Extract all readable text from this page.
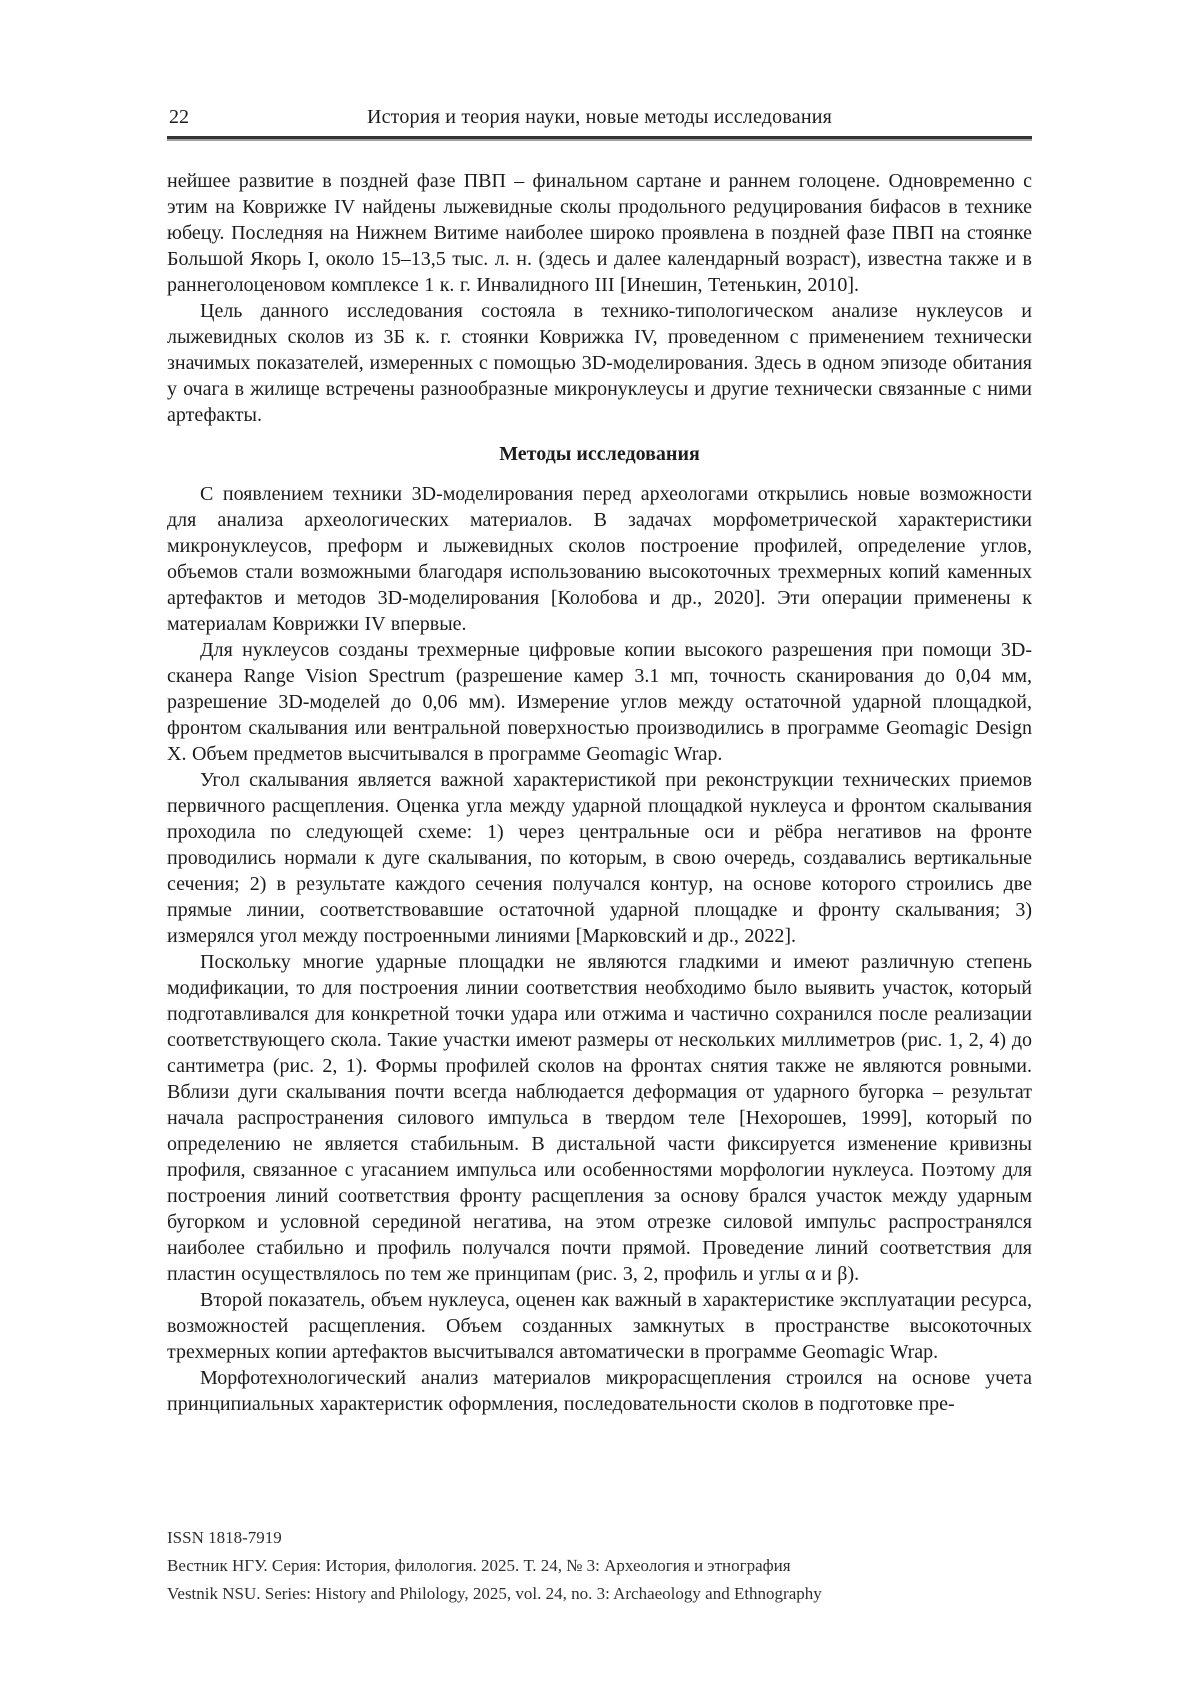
22	История и теория науки, новые методы исследования

нейшее развитие в поздней фазе ПВП – финальном сартане и раннем голоцене. Одновременно с этим на Коврижке IV найдены лыжевидные сколы продольного редуцирования бифасов в технике юбецу. Последняя на Нижнем Витиме наиболее широко проявлена в поздней фазе ПВП на стоянке Большой Якорь I, около 15–13,5 тыс. л. н. (здесь и далее календарный возраст), известна также и в раннеголоценовом комплексе 1 к. г. Инвалидного III [Инешин, Тетенькин, 2010].

Цель данного исследования состояла в технико-типологическом анализе нуклеусов и лыжевидных сколов из 3Б к. г. стоянки Коврижка IV, проведенном с применением технически значимых показателей, измеренных с помощью 3D-моделирования. Здесь в одном эпизоде обитания у очага в жилище встречены разнообразные микронуклеусы и другие технически связанные с ними артефакты.

Методы исследования

С появлением техники 3D-моделирования перед археологами открылись новые возможности для анализа археологических материалов. В задачах морфометрической характеристики микронуклеусов, преформ и лыжевидных сколов построение профилей, определение углов, объемов стали возможными благодаря использованию высокоточных трехмерных копий каменных артефактов и методов 3D-моделирования [Колобова и др., 2020]. Эти операции применены к материалам Коврижки IV впервые.

Для нуклеусов созданы трехмерные цифровые копии высокого разрешения при помощи 3D-сканера Range Vision Spectrum (разрешение камер 3.1 мп, точность сканирования до 0,04 мм, разрешение 3D-моделей до 0,06 мм). Измерение углов между остаточной ударной площадкой, фронтом скалывания или вентральной поверхностью производились в программе Geomagic Design X. Объем предметов высчитывался в программе Geomagic Wrap.

Угол скалывания является важной характеристикой при реконструкции технических приемов первичного расщепления. Оценка угла между ударной площадкой нуклеуса и фронтом скалывания проходила по следующей схеме: 1) через центральные оси и рёбра негативов на фронте проводились нормали к дуге скалывания, по которым, в свою очередь, создавались вертикальные сечения; 2) в результате каждого сечения получался контур, на основе которого строились две прямые линии, соответствовавшие остаточной ударной площадке и фронту скалывания; 3) измерялся угол между построенными линиями [Марковский и др., 2022].

Поскольку многие ударные площадки не являются гладкими и имеют различную степень модификации, то для построения линии соответствия необходимо было выявить участок, который подготавливался для конкретной точки удара или отжима и частично сохранился после реализации соответствующего скола. Такие участки имеют размеры от нескольких миллиметров (рис. 1, 2, 4) до сантиметра (рис. 2, 1). Формы профилей сколов на фронтах снятия также не являются ровными. Вблизи дуги скалывания почти всегда наблюдается деформация от ударного бугорка – результат начала распространения силового импульса в твердом теле [Нехорошев, 1999], который по определению не является стабильным. В дистальной части фиксируется изменение кривизны профиля, связанное с угасанием импульса или особенностями морфологии нуклеуса. Поэтому для построения линий соответствия фронту расщепления за основу брался участок между ударным бугорком и условной серединой негатива, на этом отрезке силовой импульс распространялся наиболее стабильно и профиль получался почти прямой. Проведение линий соответствия для пластин осуществлялось по тем же принципам (рис. 3, 2, профиль и углы α и β).

Второй показатель, объем нуклеуса, оценен как важный в характеристике эксплуатации ресурса, возможностей расщепления. Объем созданных замкнутых в пространстве высокоточных трехмерных копии артефактов высчитывался автоматически в программе Geomagic Wrap.

Морфотехнологический анализ материалов микрорасщепления строился на основе учета принципиальных характеристик оформления, последовательности сколов в подготовке пре-

ISSN 1818-7919
Вестник НГУ. Серия: История, филология. 2025. Т. 24, № 3: Археология и этнография
Vestnik NSU. Series: History and Philology, 2025, vol. 24, no. 3: Archaeology and Ethnography
